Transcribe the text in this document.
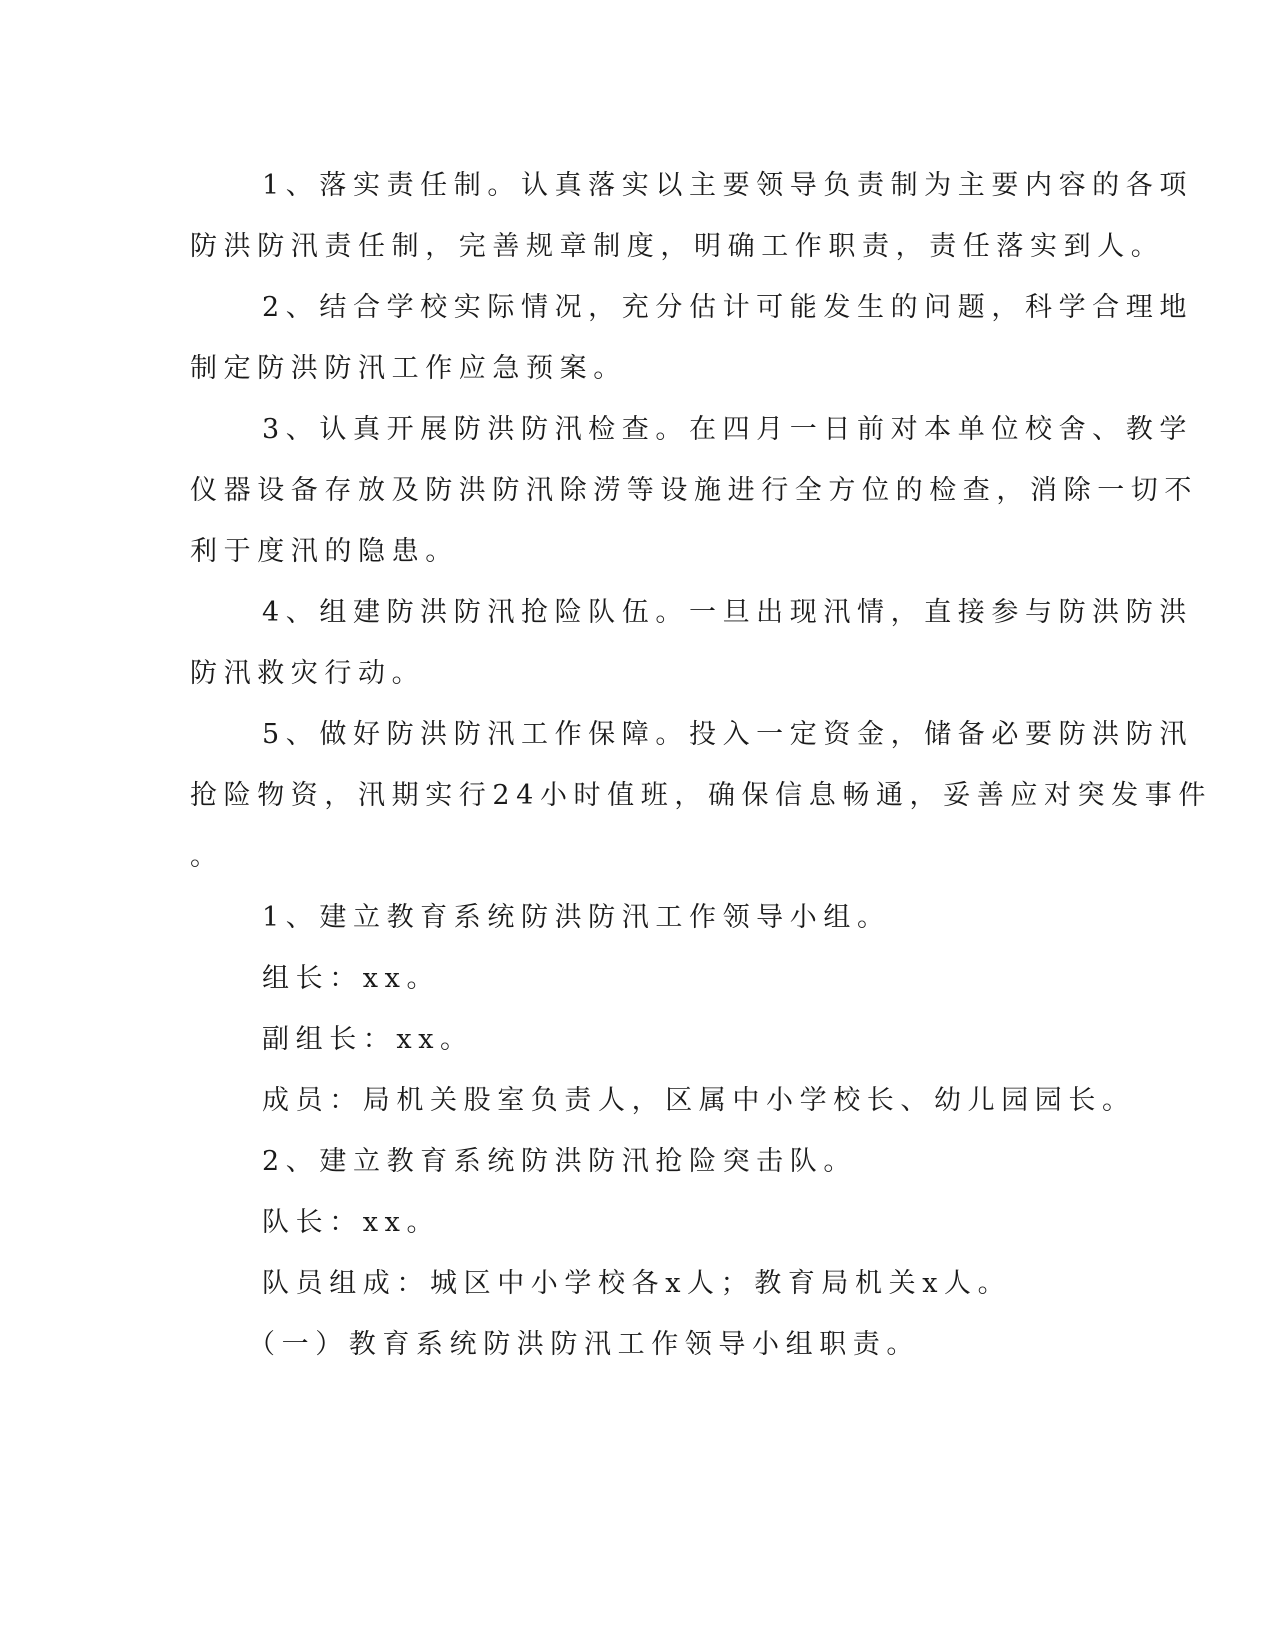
1、落实责任制。认真落实以主要领导负责制为主要内容的各项
防洪防汛责任制，完善规章制度，明确工作职责，责任落实到人。
2、结合学校实际情况，充分估计可能发生的问题，科学合理地
制定防洪防汛工作应急预案。
3、认真开展防洪防汛检查。在四月一日前对本单位校舍、教学
仪器设备存放及防洪防汛除涝等设施进行全方位的检查，消除一切不
利于度汛的隐患。
4、组建防洪防汛抢险队伍。一旦出现汛情，直接参与防洪防洪
防汛救灾行动。
5、做好防洪防汛工作保障。投入一定资金，储备必要防洪防汛
抢险物资，汛期实行24小时值班，确保信息畅通，妥善应对突发事件
。
1、建立教育系统防洪防汛工作领导小组。
组长：xx。
副组长：xx。
成员：局机关股室负责人，区属中小学校长、幼儿园园长。
2、建立教育系统防洪防汛抢险突击队。
队长：xx。
队员组成：城区中小学校各x人；教育局机关x人。
（一）教育系统防洪防汛工作领导小组职责。
